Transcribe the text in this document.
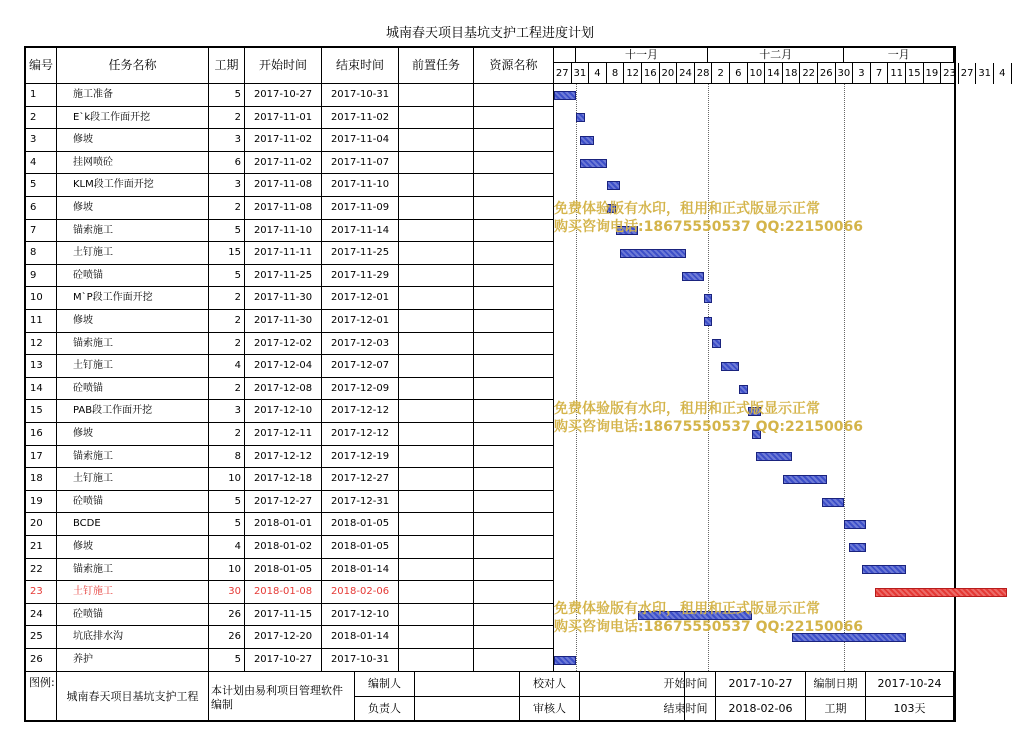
城南春天项目基坑支护工程进度计划
编号	任务名称	工期	开始时间	结束时间	前置任务	资源名称
十一月	十二月	一月
27 31 4	8 12 16 20 24 28 2	6 10 14 18 22 26 30 3	7 11 15 19 23 27 31 4
1	施工准备	5	2017-10-27	2017-10-31
2	E`k段工作面开挖	2	2017-11-01	2017-11-02
3	修坡	3	2017-11-02	2017-11-04
4	挂网喷砼	6	2017-11-02	2017-11-07
5	KLM段工作面开挖	3	2017-11-08	2017-11-10
6	修坡	2	2017-11-08	2017-11-09
7	锚索施工	5	2017-11-10	2017-11-14
8	土钉施工	15	2017-11-11	2017-11-25
9	砼喷锚	5	2017-11-25	2017-11-29
10	M`P段工作面开挖	2	2017-11-30	2017-12-01
11	修坡	2	2017-11-30	2017-12-01
12	锚索施工	2	2017-12-02	2017-12-03
13	土钉施工	4	2017-12-04	2017-12-07
14	砼喷锚	2	2017-12-08	2017-12-09
15	PAB段工作面开挖	3	2017-12-10	2017-12-12
16	修坡	2	2017-12-11	2017-12-12
17	锚索施工	8	2017-12-12	2017-12-19
18	土钉施工	10	2017-12-18	2017-12-27
19	砼喷锚	5	2017-12-27	2017-12-31
20	BCDE	5	2018-01-01	2018-01-05
21	修坡	4	2018-01-02	2018-01-05
22	锚索施工	10	2018-01-05	2018-01-14
23	土钉施工	30	2018-01-08	2018-02-06
24	砼喷锚	26	2017-11-15	2017-12-10
25	坑底排水沟	26	2017-12-20	2018-01-14
26	养护	5	2017-10-27	2017-10-31
免费体验版有水印，租用和正式版显示正常
购买咨询电话:18675550537 QQ:22150066
免费体验版有水印，租用和正式版显示正常
购买咨询电话:18675550537 QQ:22150066
免费体验版有水印，租用和正式版显示正常
购买咨询电话:18675550537 QQ:22150066
图例:
城南春天项目基坑支护工程	本计划由易利项目管理软件编制
编制人	校对人	开始时间	2017-10-27	编制日期	2017-10-24
负责人	审核人	结束时间	2018-02-06	工期	103天
